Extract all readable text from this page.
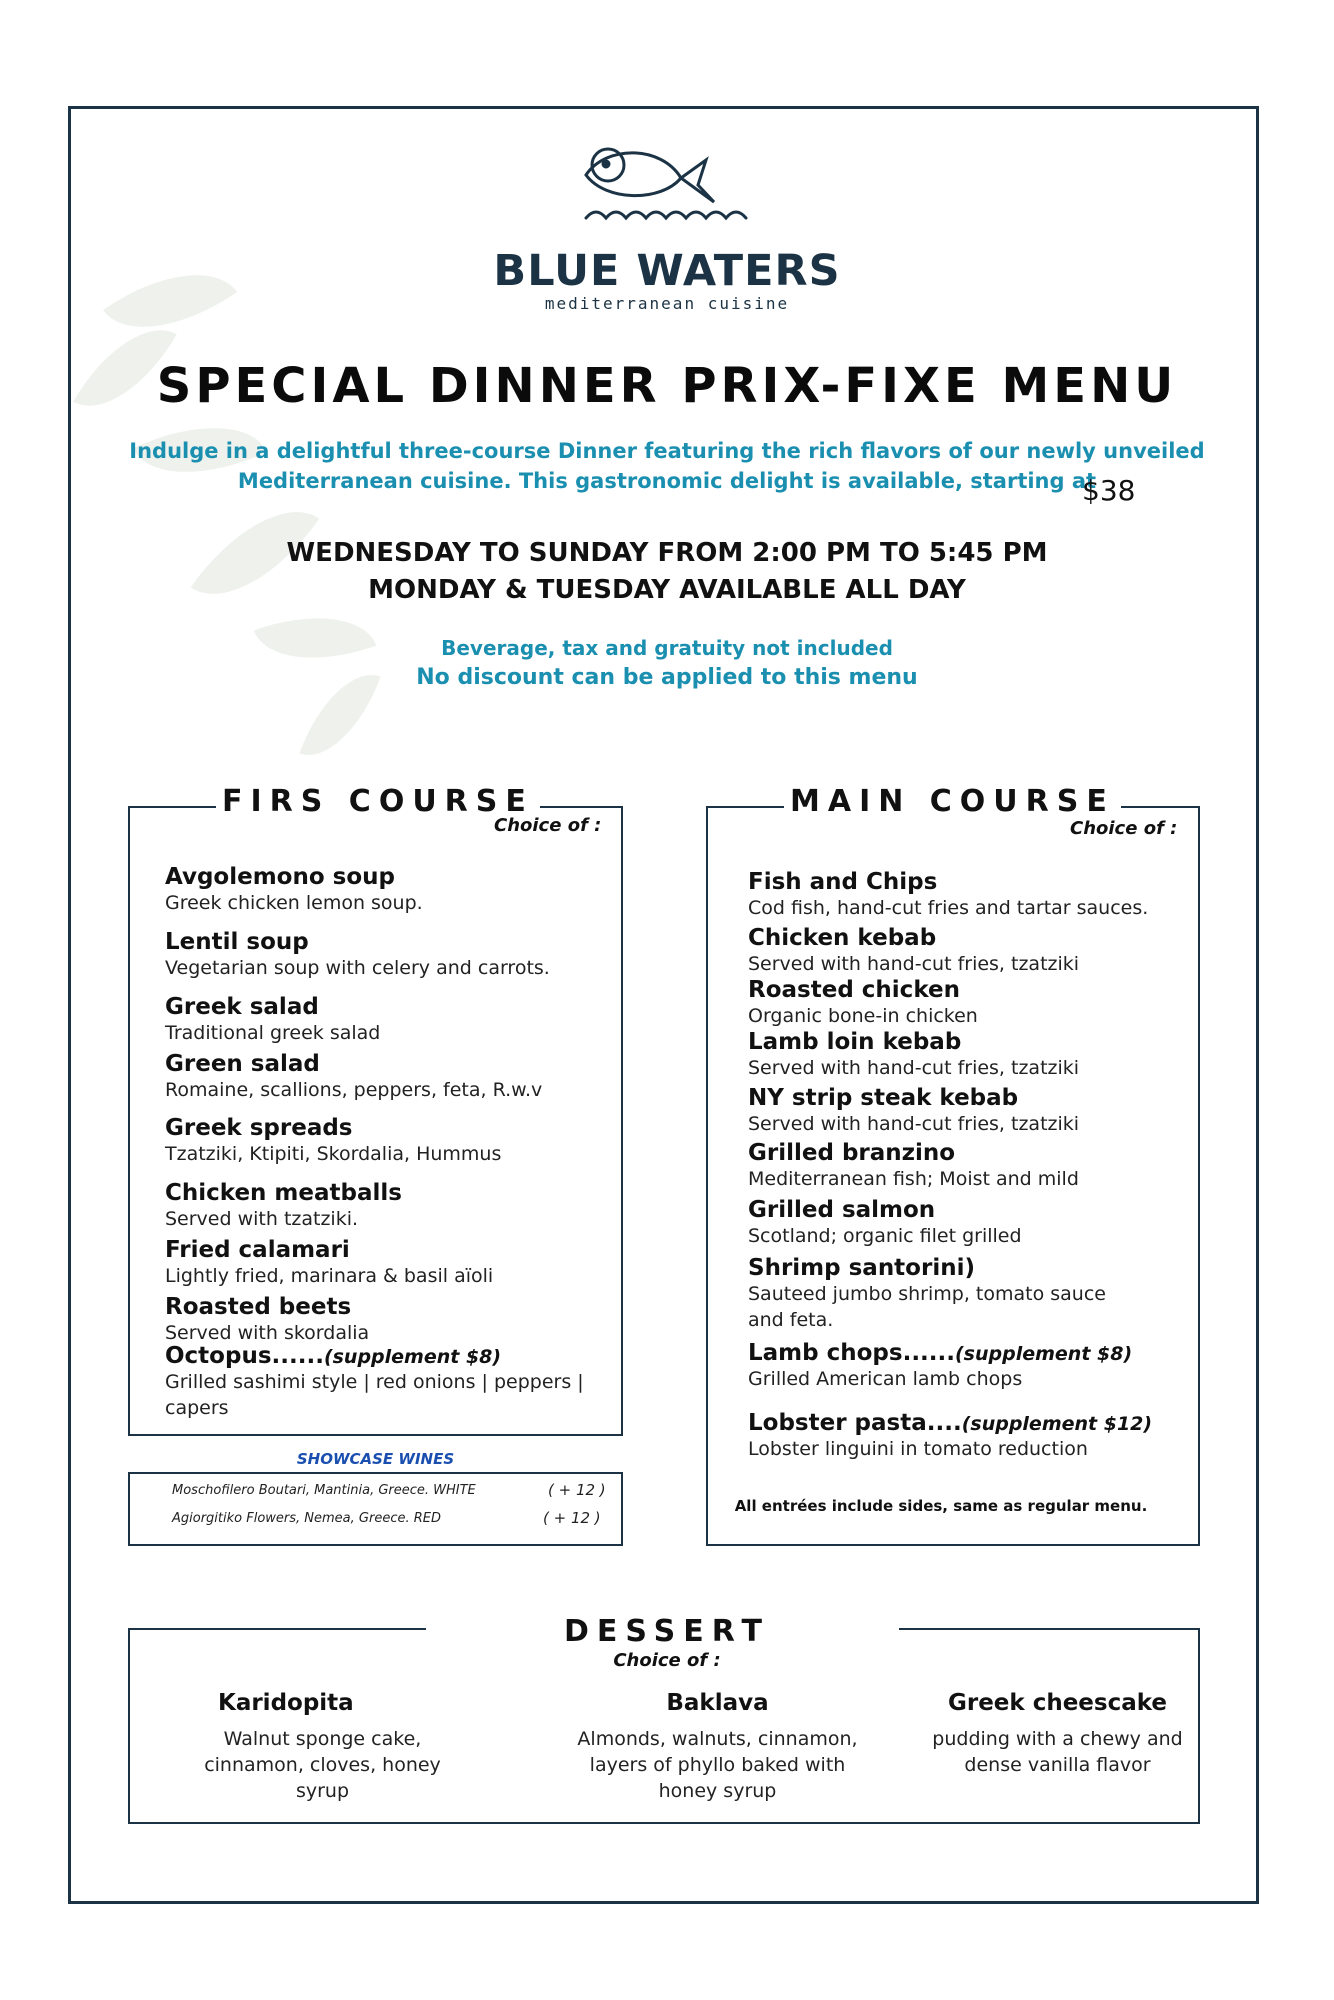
BLUE WATERS
mediterranean cuisine
SPECIAL DINNER PRIX-FIXE MENU
Indulge in a delightful three-course Dinner featuring the rich flavors of our newly unveiled
Mediterranean cuisine. This gastronomic delight is available, starting at
$38
WEDNESDAY TO SUNDAY FROM 2:00 PM TO 5:45 PM
MONDAY & TUESDAY AVAILABLE ALL DAY
Beverage, tax and gratuity not included
No discount can be applied to this menu
FIRS COURSE
Choice of :
Avgolemono soup
Greek chicken lemon soup.
Lentil soup
Vegetarian soup with celery and carrots.
Greek salad
Traditional greek salad
Green salad
Romaine, scallions, peppers, feta, R.w.v
Greek spreads
Tzatziki, Ktipiti, Skordalia, Hummus
Chicken meatballs
Served with tzatziki.
Fried calamari
Lightly fried, marinara & basil aïoli
Roasted beets
Served with skordalia
Octopus......(supplement $8)
Grilled sashimi style | red onions | peppers | capers
SHOWCASE WINES
Moschofilero Boutari, Mantinia, Greece. WHITE	( + 12 )
Agiorgitiko Flowers, Nemea, Greece. RED	( + 12 )
MAIN COURSE
Choice of :
Fish and Chips
Cod fish, hand-cut fries and tartar sauces.
Chicken kebab
Served with hand-cut fries, tzatziki
Roasted chicken
Organic bone-in chicken
Lamb loin kebab
Served with hand-cut fries, tzatziki
NY strip steak kebab
Served with hand-cut fries, tzatziki
Grilled branzino
Mediterranean fish; Moist and mild
Grilled salmon
Scotland; organic filet grilled
Shrimp santorini)
Sauteed jumbo shrimp, tomato sauce and feta.
Lamb chops......(supplement $8)
Grilled American lamb chops
Lobster pasta....(supplement $12)
Lobster linguini in tomato reduction
All entrées include sides, same as regular menu.
DESSERT
Choice of :
Karidopita
Walnut sponge cake, cinnamon, cloves, honey syrup
Baklava
Almonds, walnuts, cinnamon, layers of phyllo baked with honey syrup
Greek cheescake
pudding with a chewy and dense vanilla flavor
